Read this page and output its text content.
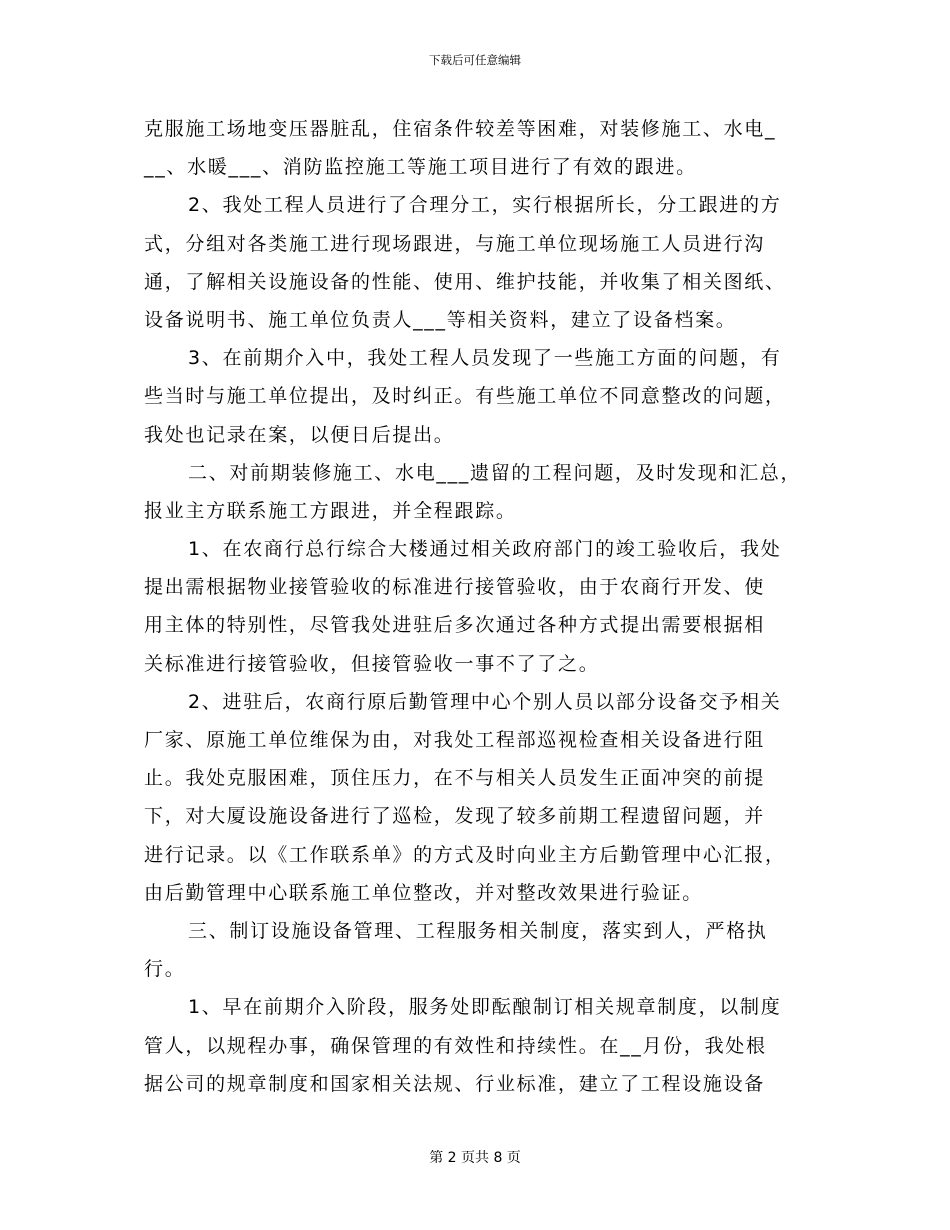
下载后可任意编辑
克服施工场地变压器脏乱，住宿条件较差等困难，对装修施工、水电_
__、水暖___、消防监控施工等施工项目进行了有效的跟进。
2、我处工程人员进行了合理分工，实行根据所长，分工跟进的方
式，分组对各类施工进行现场跟进，与施工单位现场施工人员进行沟
通，了解相关设施设备的性能、使用、维护技能，并收集了相关图纸、
设备说明书、施工单位负责人___等相关资料，建立了设备档案。
3、在前期介入中，我处工程人员发现了一些施工方面的问题，有
些当时与施工单位提出，及时纠正。有些施工单位不同意整改的问题，
我处也记录在案，以便日后提出。
二、对前期装修施工、水电___遗留的工程问题，及时发现和汇总，
报业主方联系施工方跟进，并全程跟踪。
1、在农商行总行综合大楼通过相关政府部门的竣工验收后，我处
提出需根据物业接管验收的标准进行接管验收，由于农商行开发、使
用主体的特别性，尽管我处进驻后多次通过各种方式提出需要根据相
关标准进行接管验收，但接管验收一事不了了之。
2、进驻后，农商行原后勤管理中心个别人员以部分设备交予相关
厂家、原施工单位维保为由，对我处工程部巡视检查相关设备进行阻
止。我处克服困难，顶住压力，在不与相关人员发生正面冲突的前提
下，对大厦设施设备进行了巡检，发现了较多前期工程遗留问题，并
进行记录。以《工作联系单》的方式及时向业主方后勤管理中心汇报，
由后勤管理中心联系施工单位整改，并对整改效果进行验证。
三、制订设施设备管理、工程服务相关制度，落实到人，严格执
行。
1、早在前期介入阶段，服务处即酝酿制订相关规章制度，以制度
管人，以规程办事，确保管理的有效性和持续性。在__月份，我处根
据公司的规章制度和国家相关法规、行业标准，建立了工程设施设备
第 2 页共 8 页
